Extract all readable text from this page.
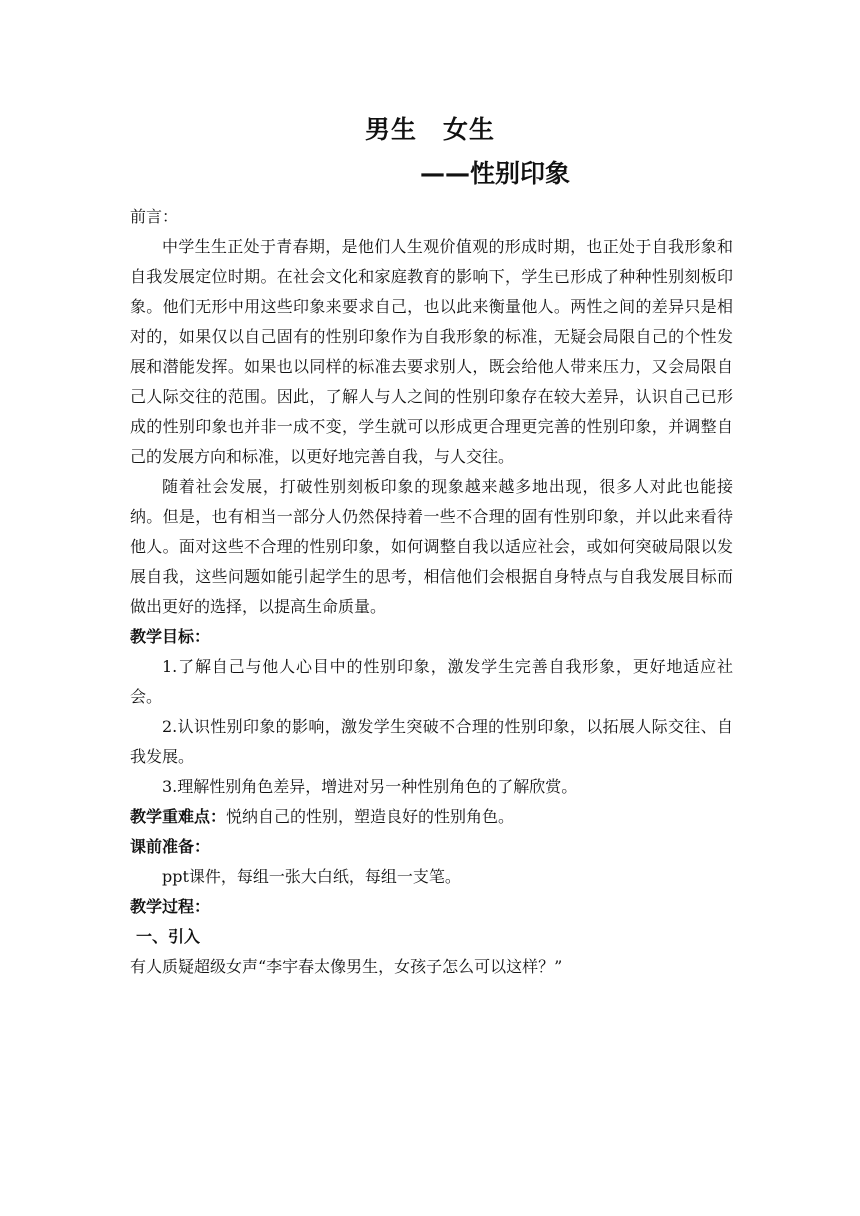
男生 女生
——性别印象

前言：

中学生生正处于青春期，是他们人生观价值观的形成时期，也正处于自我形象和自我发展定位时期。在社会文化和家庭教育的影响下，学生已形成了种种性别刻板印象。他们无形中用这些印象来要求自己，也以此来衡量他人。两性之间的差异只是相对的，如果仅以自己固有的性别印象作为自我形象的标准，无疑会局限自己的个性发展和潜能发挥。如果也以同样的标准去要求别人，既会给他人带来压力，又会局限自己人际交往的范围。因此，了解人与人之间的性别印象存在较大差异，认识自己已形成的性别印象也并非一成不变，学生就可以形成更合理更完善的性别印象，并调整自己的发展方向和标准，以更好地完善自我，与人交往。

随着社会发展，打破性别刻板印象的现象越来越多地出现，很多人对此也能接纳。但是，也有相当一部分人仍然保持着一些不合理的固有性别印象，并以此来看待他人。面对这些不合理的性别印象，如何调整自我以适应社会，或如何突破局限以发展自我，这些问题如能引起学生的思考，相信他们会根据自身特点与自我发展目标而做出更好的选择，以提高生命质量。

教学目标：

1.了解自己与他人心目中的性别印象，激发学生完善自我形象，更好地适应社会。

2.认识性别印象的影响，激发学生突破不合理的性别印象，以拓展人际交往、自我发展。

3.理解性别角色差异，增进对另一种性别角色的了解欣赏。

教学重难点：悦纳自己的性别，塑造良好的性别角色。

课前准备：

ppt课件，每组一张大白纸，每组一支笔。

教学过程：

一、引入

有人质疑超级女声“李宇春太像男生，女孩子怎么可以这样？”
